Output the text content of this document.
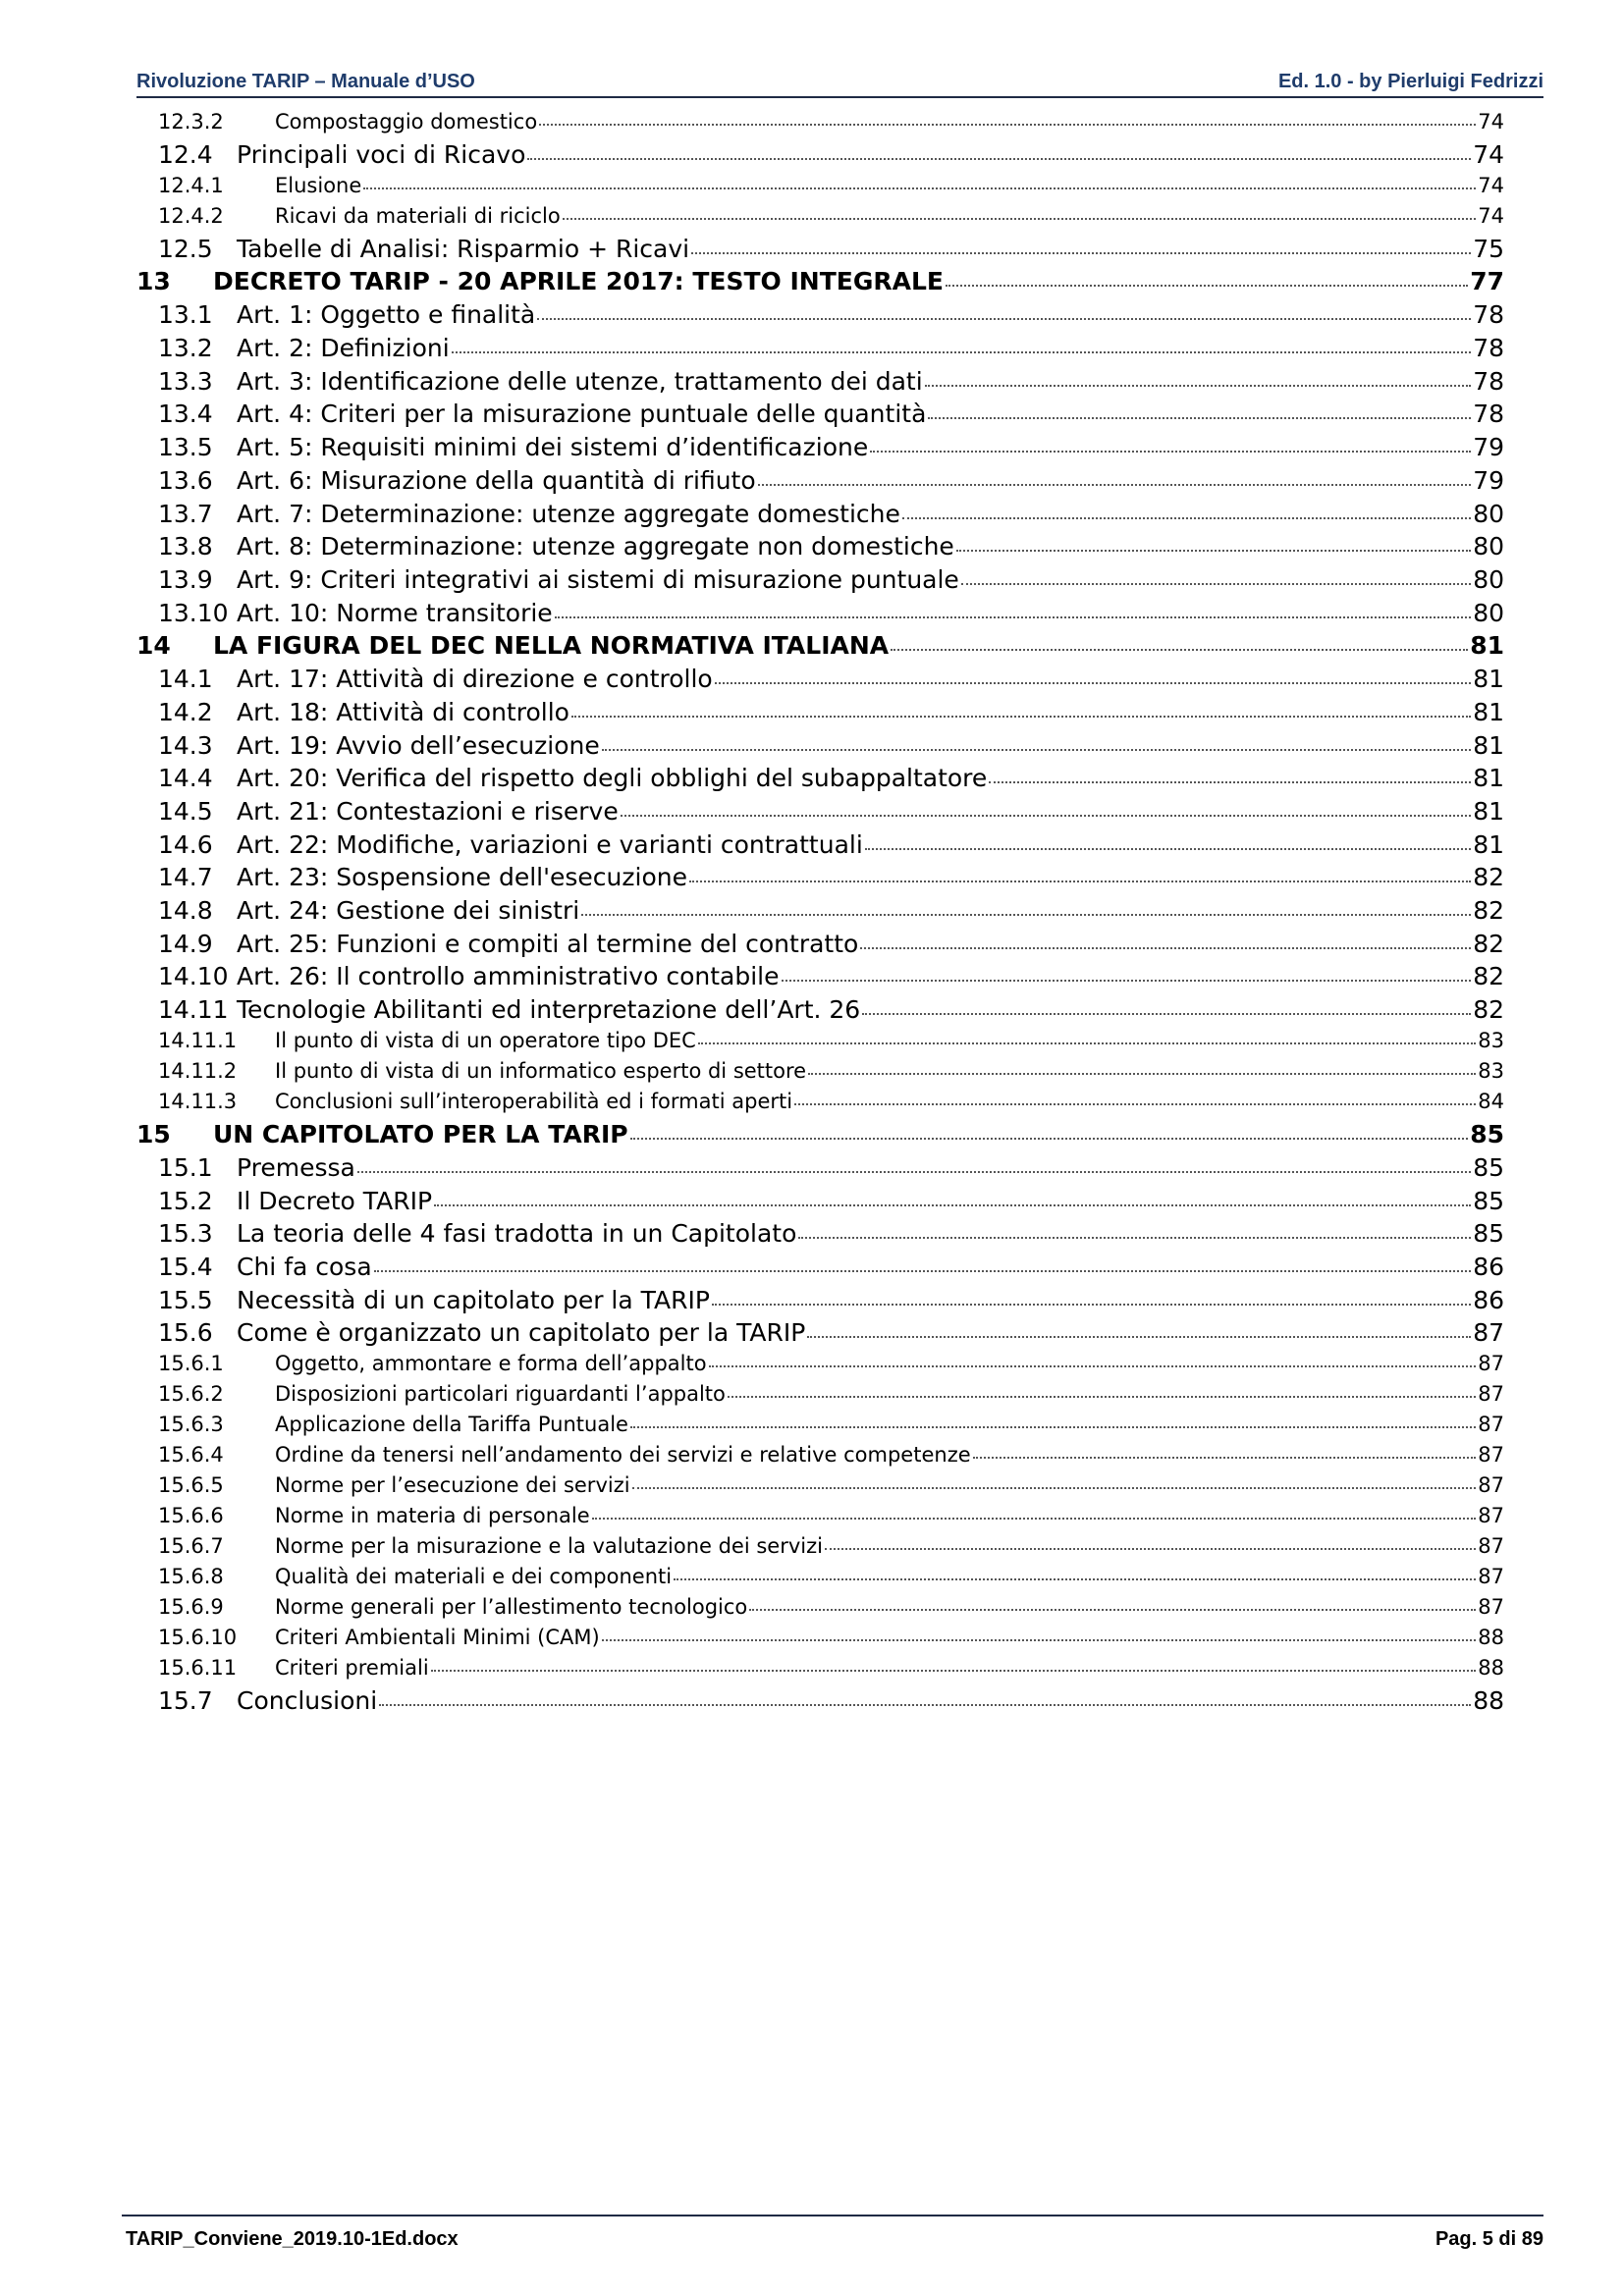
Rivoluzione TARIP – Manuale d’USO	Ed. 1.0 - by Pierluigi Fedrizzi
12.3.2	Compostaggio domestico	74
12.4 Principali voci di Ricavo	74
12.4.1	Elusione	74
12.4.2	Ricavi da materiali di riciclo	74
12.5 Tabelle di Analisi: Risparmio + Ricavi	75
13	DECRETO TARIP - 20 APRILE 2017: TESTO INTEGRALE	77
13.1 Art. 1: Oggetto e finalità	78
13.2 Art. 2: Definizioni	78
13.3 Art. 3: Identificazione delle utenze, trattamento dei dati	78
13.4 Art. 4: Criteri per la misurazione puntuale delle quantità	78
13.5 Art. 5: Requisiti minimi dei sistemi d’identificazione	79
13.6 Art. 6: Misurazione della quantità di rifiuto	79
13.7 Art. 7: Determinazione: utenze aggregate domestiche	80
13.8 Art. 8: Determinazione: utenze aggregate non domestiche	80
13.9 Art. 9: Criteri integrativi ai sistemi di misurazione puntuale	80
13.10 Art. 10: Norme transitorie	80
14	LA FIGURA DEL DEC NELLA NORMATIVA ITALIANA	81
14.1 Art. 17: Attività di direzione e controllo	81
14.2 Art. 18: Attività di controllo	81
14.3 Art. 19: Avvio dell’esecuzione	81
14.4 Art. 20: Verifica del rispetto degli obblighi del subappaltatore	81
14.5 Art. 21: Contestazioni e riserve	81
14.6 Art. 22: Modifiche, variazioni e varianti contrattuali	81
14.7 Art. 23: Sospensione dell'esecuzione	82
14.8 Art. 24: Gestione dei sinistri	82
14.9 Art. 25: Funzioni e compiti al termine del contratto	82
14.10 Art. 26: Il controllo amministrativo contabile	82
14.11 Tecnologie Abilitanti ed interpretazione dell’Art. 26	82
14.11.1	Il punto di vista di un operatore tipo DEC	83
14.11.2	Il punto di vista di un informatico esperto di settore	83
14.11.3	Conclusioni sull’interoperabilità ed i formati aperti	84
15	UN CAPITOLATO PER LA TARIP	85
15.1 Premessa	85
15.2 Il Decreto TARIP	85
15.3 La teoria delle 4 fasi tradotta in un Capitolato	85
15.4 Chi fa cosa	86
15.5 Necessità di un capitolato per la TARIP	86
15.6 Come è organizzato un capitolato per la TARIP	87
15.6.1	Oggetto, ammontare e forma dell’appalto	87
15.6.2	Disposizioni particolari riguardanti l’appalto	87
15.6.3	Applicazione della Tariffa Puntuale	87
15.6.4	Ordine da tenersi nell’andamento dei servizi e relative competenze	87
15.6.5	Norme per l’esecuzione dei servizi	87
15.6.6	Norme in materia di personale	87
15.6.7	Norme per la misurazione e la valutazione dei servizi	87
15.6.8	Qualità dei materiali e dei componenti	87
15.6.9	Norme generali per l’allestimento tecnologico	87
15.6.10	Criteri Ambientali Minimi (CAM)	88
15.6.11	Criteri premiali	88
15.7 Conclusioni	88
TARIP_Conviene_2019.10-1Ed.docx	Pag. 5 di 89
